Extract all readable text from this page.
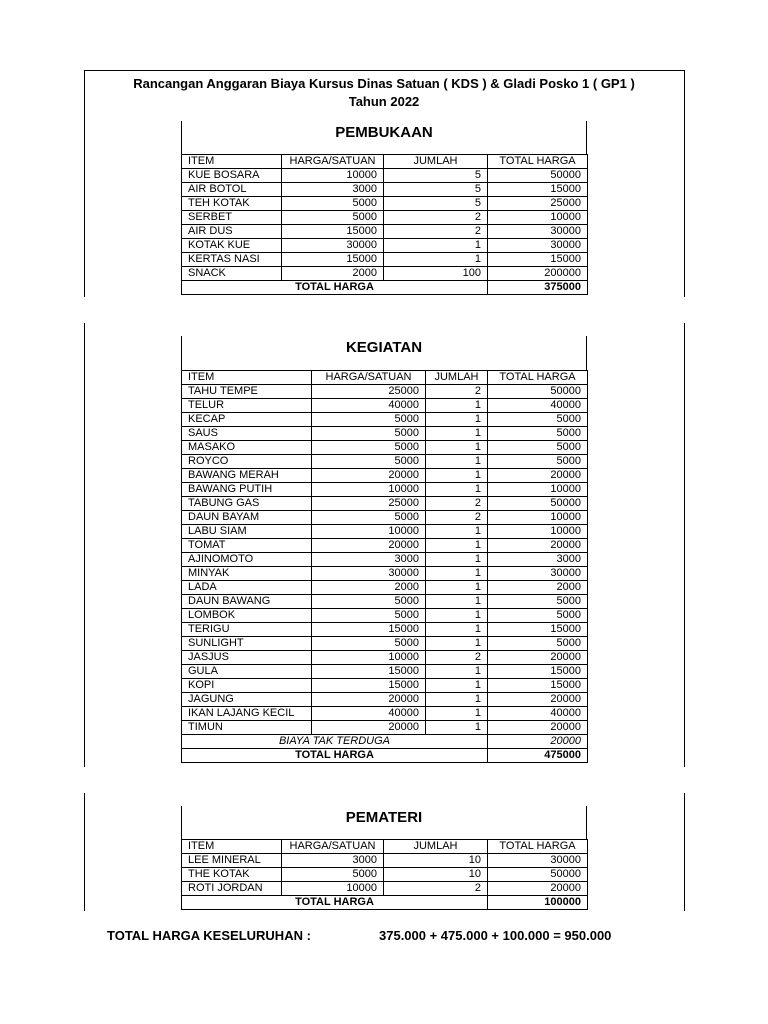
Rancangan Anggaran Biaya Kursus Dinas Satuan ( KDS ) & Gladi Posko 1 ( GP1 )
Tahun 2022
PEMBUKAAN
ITEM	HARGA/SATUAN	JUMLAH	TOTAL HARGA
KUE BOSARA	10000	5	50000
AIR BOTOL	3000	5	15000
TEH KOTAK	5000	5	25000
SERBET	5000	2	10000
AIR DUS	15000	2	30000
KOTAK KUE	30000	1	30000
KERTAS NASI	15000	1	15000
SNACK	2000	100	200000
TOTAL HARGA			375000
KEGIATAN
ITEM	HARGA/SATUAN	JUMLAH	TOTAL HARGA
TAHU TEMPE	25000	2	50000
TELUR	40000	1	40000
KECAP	5000	1	5000
SAUS	5000	1	5000
MASAKO	5000	1	5000
ROYCO	5000	1	5000
BAWANG MERAH	20000	1	20000
BAWANG PUTIH	10000	1	10000
TABUNG GAS	25000	2	50000
DAUN BAYAM	5000	2	10000
LABU SIAM	10000	1	10000
TOMAT	20000	1	20000
AJINOMOTO	3000	1	3000
MINYAK	30000	1	30000
LADA	2000	1	2000
DAUN BAWANG	5000	1	5000
LOMBOK	5000	1	5000
TERIGU	15000	1	15000
SUNLIGHT	5000	1	5000
JASJUS	10000	2	20000
GULA	15000	1	15000
KOPI	15000	1	15000
JAGUNG	20000	1	20000
IKAN LAJANG KECIL	40000	1	40000
TIMUN	20000	1	20000
BIAYA TAK TERDUGA			20000
TOTAL HARGA			475000
PEMATERI
ITEM	HARGA/SATUAN	JUMLAH	TOTAL HARGA
LEE MINERAL	3000	10	30000
THE KOTAK	5000	10	50000
ROTI JORDAN	10000	2	20000
TOTAL HARGA			100000
TOTAL HARGA KESELURUHAN :	375.000 + 475.000 + 100.000 = 950.000
